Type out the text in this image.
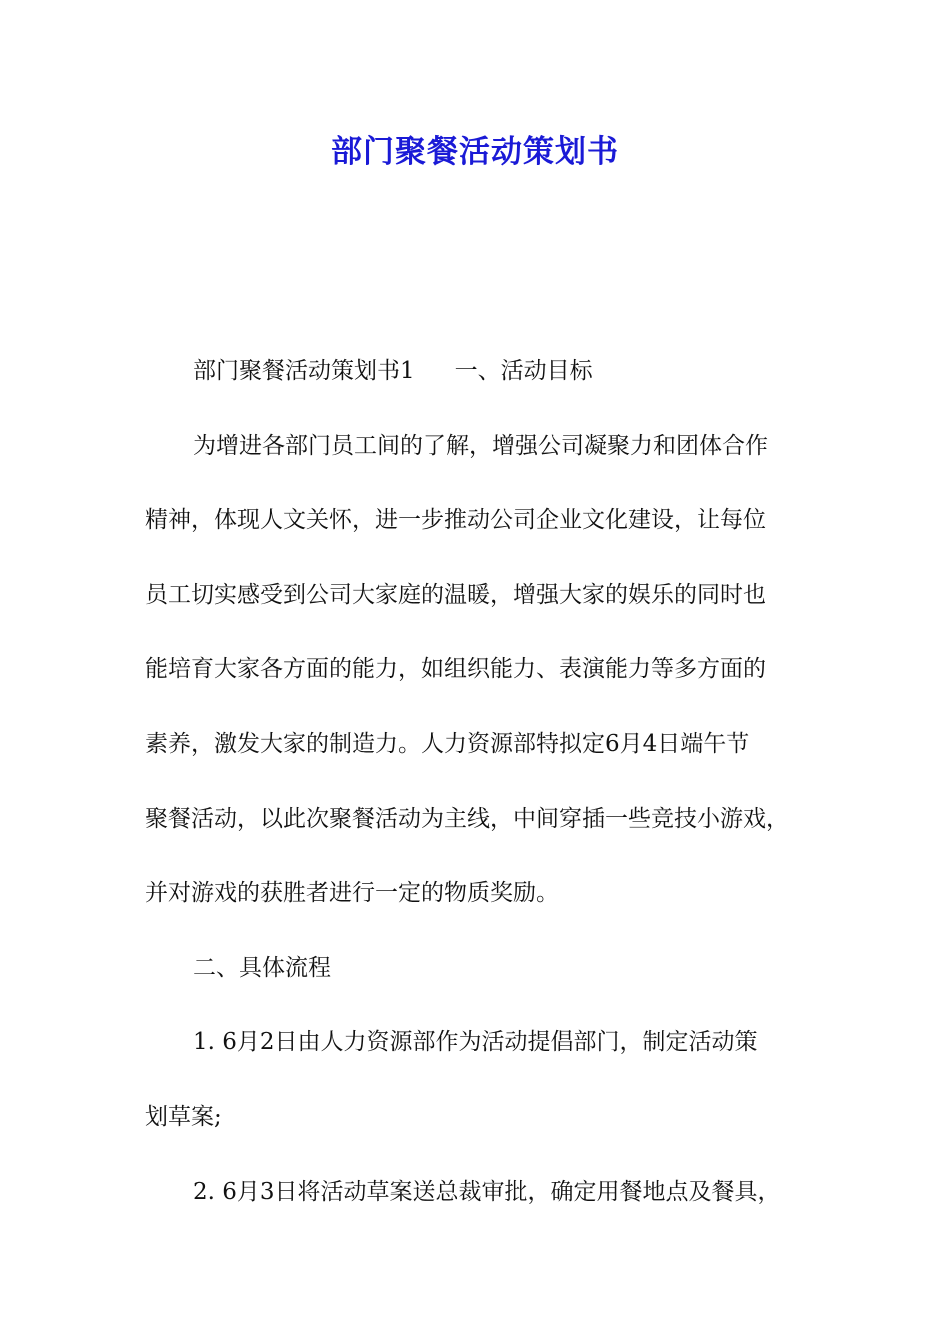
部门聚餐活动策划书
部门聚餐活动策划书1 一、活动目标
为增进各部门员工间的了解，增强公司凝聚力和团体合作
精神，体现人文关怀，进一步推动公司企业文化建设，让每位
员工切实感受到公司大家庭的温暖，增强大家的娱乐的同时也
能培育大家各方面的能力，如组织能力、表演能力等多方面的
素养，激发大家的制造力。人力资源部特拟定6月4日端午节
聚餐活动，以此次聚餐活动为主线，中间穿插一些竞技小游戏，
并对游戏的获胜者进行一定的物质奖励。
二、具体流程
1. 6月2日由人力资源部作为活动提倡部门，制定活动策
划草案;
2. 6月3日将活动草案送总裁审批，确定用餐地点及餐具，
